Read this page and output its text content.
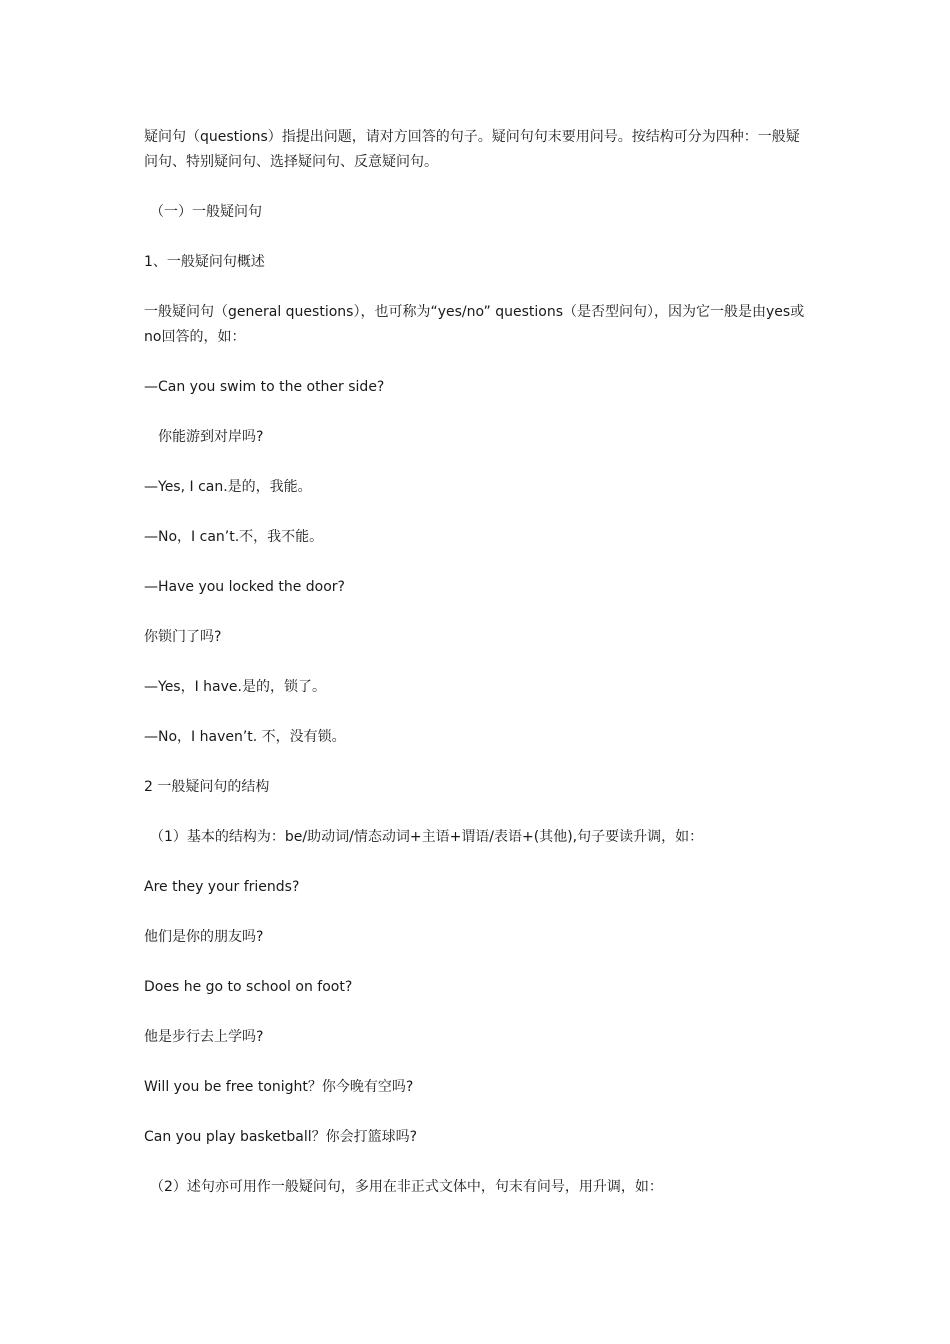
疑问句（questions）指提出问题，请对方回答的句子。疑问句句末要用问号。按结构可分为四种：一般疑问句、特别疑问句、选择疑问句、反意疑问句。

（一）一般疑问句

1、一般疑问句概述

一般疑问句（general questions），也可称为“yes/no” questions（是否型问句），因为它一般是由yes或no回答的，如：

—Can you swim to the other side?

你能游到对岸吗?

—Yes, I can.是的，我能。

—No，I can’t.不，我不能。

—Have you locked the door?

你锁门了吗?

—Yes，I have.是的，锁了。

—No，I haven’t. 不，没有锁。

2 一般疑问句的结构

（1）基本的结构为：be/助动词/情态动词+主语+谓语/表语+(其他),句子要读升调，如：

Are they your friends?

他们是你的朋友吗?

Does he go to school on foot?

他是步行去上学吗?

Will you be free tonight？你今晚有空吗?

Can you play basketball？你会打篮球吗?

（2）述句亦可用作一般疑问句，多用在非正式文体中，句末有问号，用升调，如：
